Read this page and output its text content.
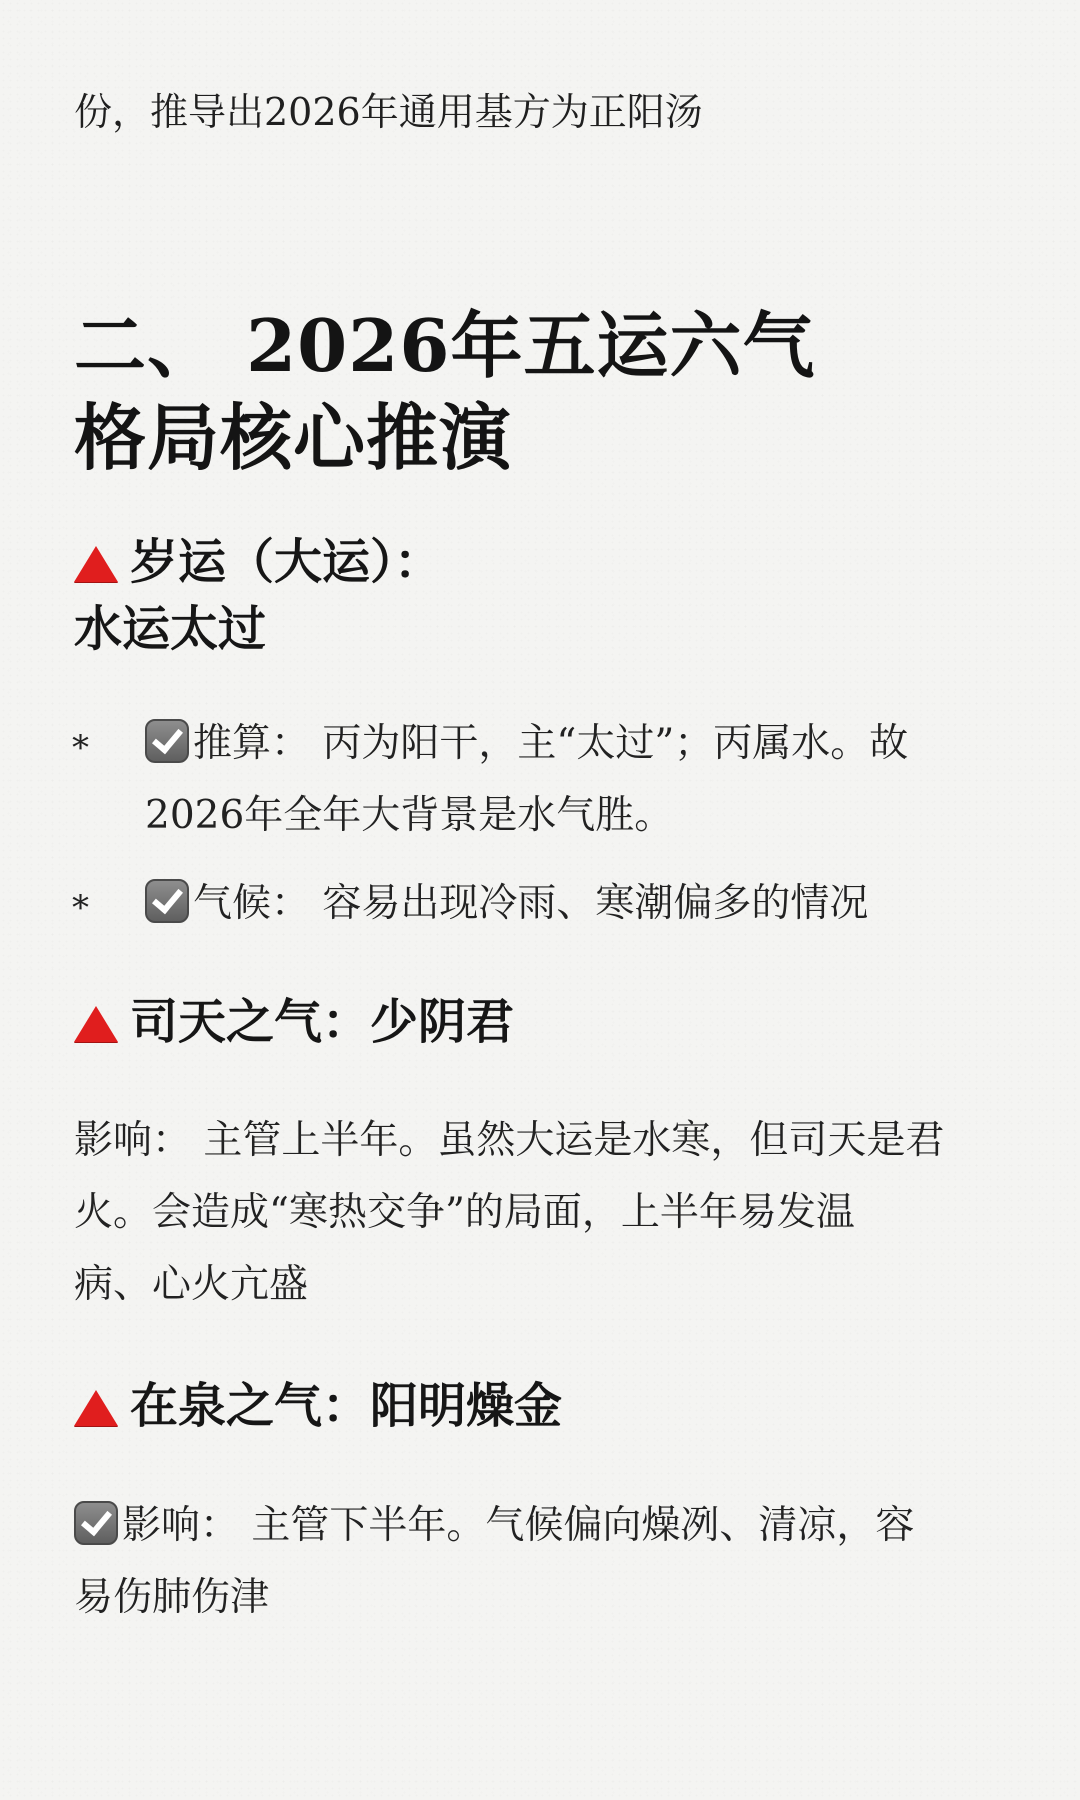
份，推导出2026年通用基方为正阳汤
二、 2026年五运六气
格局核心推演
岁运（大运）：
水运太过
*	推算： 丙为阳干，主“太过”；丙属水。故
2026年全年大背景是水气胜。
*	气候： 容易出现冷雨、寒潮偏多的情况
司天之气：少阴君
影响： 主管上半年。虽然大运是水寒，但司天是君
火。会造成“寒热交争”的局面，上半年易发温
病、心火亢盛
在泉之气：阳明燥金
影响： 主管下半年。气候偏向燥冽、清凉，容
易伤肺伤津
